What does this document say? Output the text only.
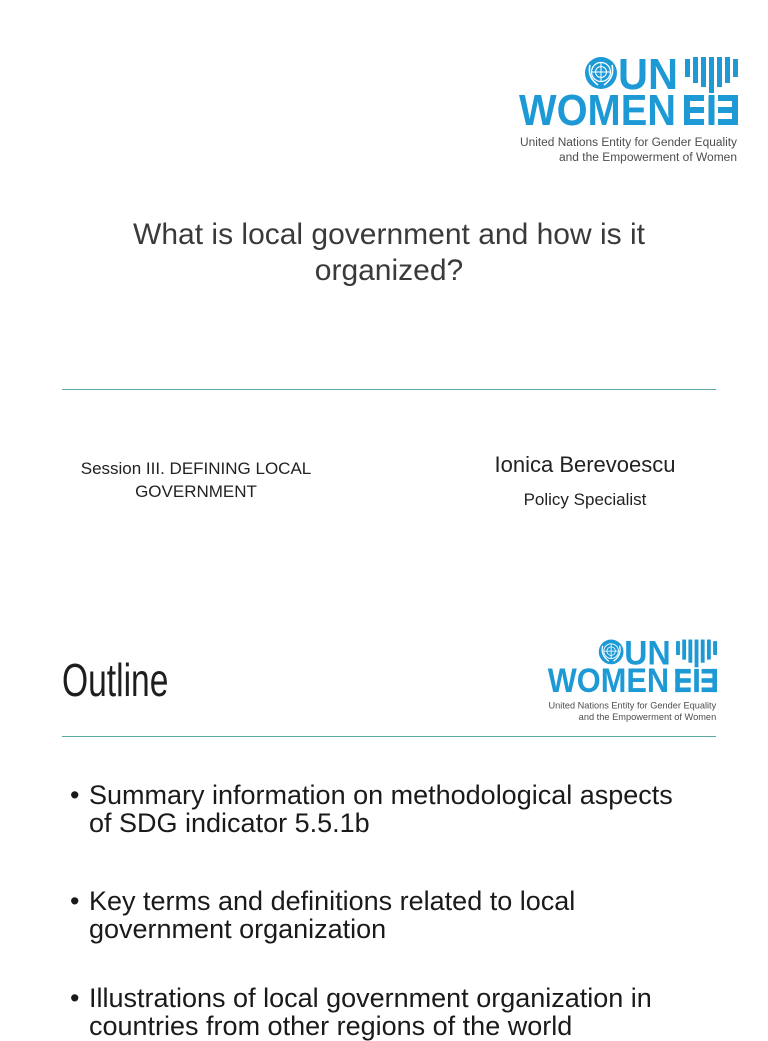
UN
WOMEN
United Nations Entity for Gender Equality
and the Empowerment of Women
What is local government and how is it organized?
Session III. DEFINING LOCAL GOVERNMENT
Ionica Berevoescu
Policy Specialist
Outline
UN
WOMEN
United Nations Entity for Gender Equality
and the Empowerment of Women
• Summary information on methodological aspects
of SDG indicator 5.5.1b
• Key terms and definitions related to local
government organization
• Illustrations of local government organization in
countries from other regions of the world
